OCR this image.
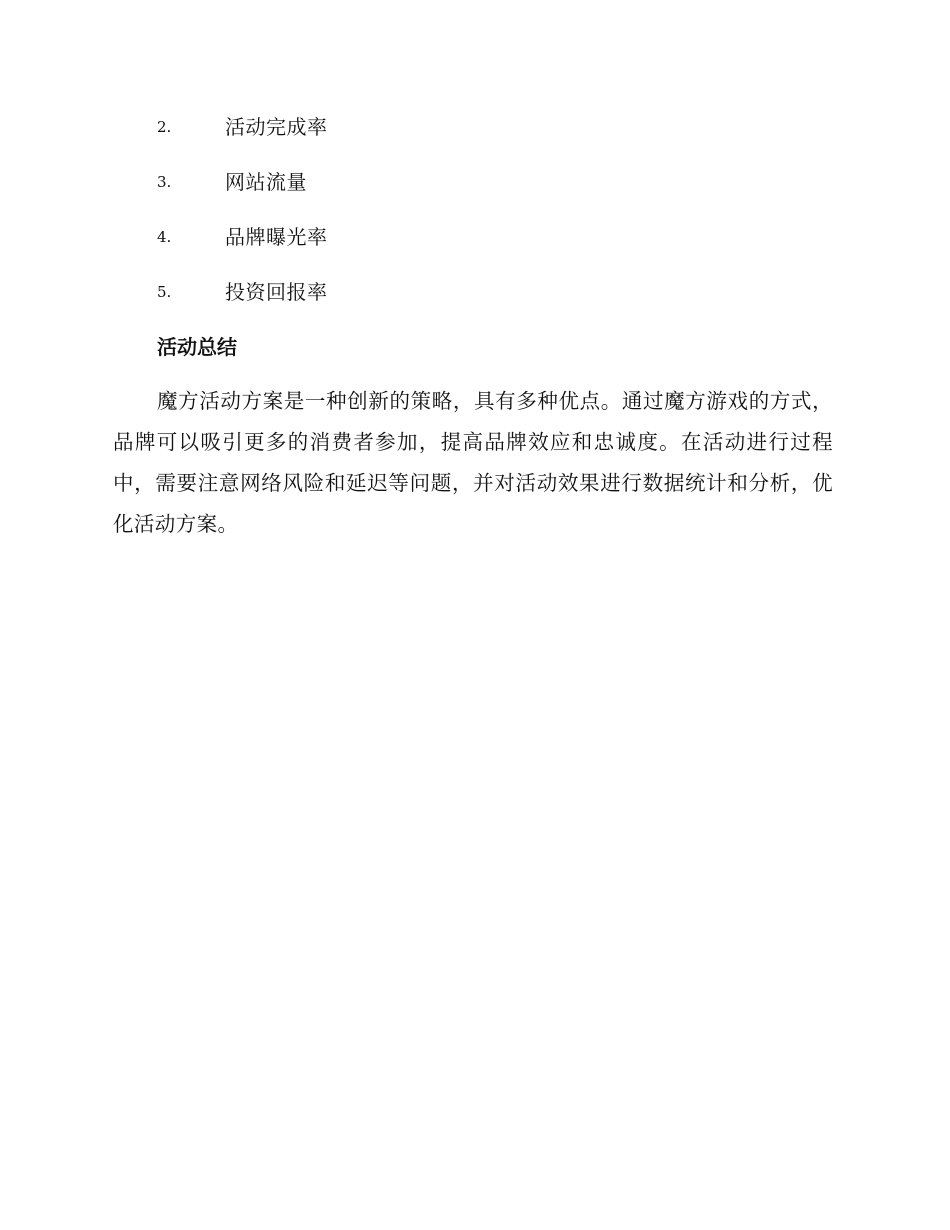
2.	活动完成率
3.	网站流量
4.	品牌曝光率
5.	投资回报率
活动总结

魔方活动方案是一种创新的策略，具有多种优点。通过魔方游戏的方式，品牌可以吸引更多的消费者参加，提高品牌效应和忠诚度。在活动进行过程中，需要注意网络风险和延迟等问题，并对活动效果进行数据统计和分析，优化活动方案。
